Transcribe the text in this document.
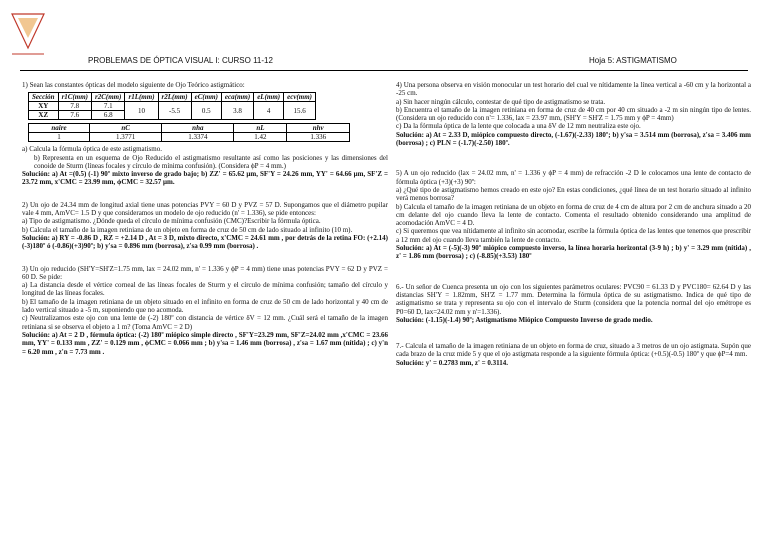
PROBLEMAS DE ÓPTICA VISUAL I: CURSO 11-12	Hoja 5: ASTIGMATISMO

1) Sean las constantes ópticas del modelo siguiente de Ojo Teórico astigmático:

Sección	r1C(mm)	r2C(mm)	r1L(mm)	r2L(mm)	eC(mm)	eca(mm)	eL(mm)	ecv(mm)
XY	7.8	7.1	10	-5.5	0.5	3.8	4	15.6
XZ	7.6	6.8						
naire	nC	nha	nL	nhv
1	1.3771	1.3374	1.42	1.336

a) Calcula la fórmula óptica de este astigmatismo.

b) Representa en un esquema de Ojo Reducido el astigmatismo resultante así como las posiciones y las dimensiones del conoide de Sturm (líneas focales y círculo de mínima confusión). (Considera ϕP = 4 mm.)

Solución: a) At =(0.5) (-1) 90º mixto inverso de grado bajo; b) ZZ' = 65.62 μm, SF'Y = 24.26 mm, YY' = 64.66 μm, SF'Z = 23.72 mm, x'CMC = 23.99 mm, ϕCMC = 32.57 μm.

2) Un ojo de 24.34 mm de longitud axial tiene unas potencias PVY = 60 D y PVZ = 57 D. Supongamos que el diámetro pupilar vale 4 mm, AmVC= 1.5 D y que consideramos un modelo de ojo reducido (n' = 1.336), se pide entonces:

a) Tipo de astigmatismo. ¿Dónde queda el círculo de mínima confusión (CMC)?Escribir la fórmula óptica.

b) Calcula el tamaño de la imagen retiniana de un objeto en forma de cruz de 50 cm de lado situado al infinito (10 m).

Solución: a) RY = -0.86 D , RZ = +2.14 D , At = 3 D, mixto directo, x'CMC = 24.61 mm , por detrás de la retina FO: (+2.14)(-3)180º ó (-0.86)(+3)90º; b) y'sa = 0.896 mm (borrosa), z'sa 0.99 mm (borrosa) .

3) Un ojo reducido (SH'Y=SH'Z=1.75 mm, lax = 24.02 mm, n' = 1.336 y ϕP = 4 mm) tiene unas potencias PVY = 62 D y PVZ = 60 D. Se pide:

a) La distancia desde el vértice corneal de las líneas focales de Sturm y el círculo de mínima confusión; tamaño del círculo y longitud de las líneas focales.

b) El tamaño de la imagen retiniana de un objeto situado en el infinito en forma de cruz de 50 cm de lado horizontal y 40 cm de lado vertical situado a -5 m, suponiendo que no acomoda.

c) Neutralizamos este ojo con una lente de (-2) 180º con distancia de vértice δV = 12 mm. ¿Cuál será el tamaño de la imagen retiniana si se observa el objeto a 1 m? (Toma AmVC = 2 D)

Solución: a) At = 2 D , fórmula óptica: (-2) 180º miópico simple directo , SF'Y=23.29 mm, SF'Z=24.02 mm ,x'CMC = 23.66 mm, YY' = 0.133 mm , ZZ' = 0.129 mm , ϕCMC = 0.066 mm ; b) y'sa = 1.46 mm (borrosa) , z'sa = 1.67 mm (nítida) ; c) y'n = 6.20 mm , z'n = 7.73 mm .

4) Una persona observa en visión monocular un test horario del cual ve nítidamente la línea vertical a -60 cm y la horizontal a -25 cm.

a) Sin hacer ningún cálculo, contestar de qué tipo de astigmatismo se trata.

b) Encuentra el tamaño de la imagen retiniana en forma de cruz de 40 cm por 40 cm situado a -2 m sin ningún tipo de lentes. (Considera un ojo reducido con n'= 1.336, lax = 23.97 mm, (SH'Y = SH'Z = 1.75 mm y ϕP = 4mm)

c) Da la fórmula óptica de la lente que colocada a una δV de 12 mm neutraliza este ojo.

Solución: a) At = 2.33 D, miópico compuesto directo, (-1.67)(-2.33) 180º; b) y'sa = 3.514 mm (borrosa), z'sa = 3.406 mm (borrosa) ; c) PLN = (-1.7)(-2.50) 180º.

5) A un ojo reducido (lax = 24.02 mm, n' = 1.336 y ϕP = 4 mm) de refracción -2 D le colocamos una lente de contacto de fórmula óptica (+3)(+3) 90º:

a) ¿Qué tipo de astigmatismo hemos creado en este ojo? En estas condiciones, ¿qué línea de un test horario situado al infinito verá menos borrosa?

b) Calcula el tamaño de la imagen retiniana de un objeto en forma de cruz de 4 cm de altura por 2 cm de anchura situado a 20 cm delante del ojo cuando lleva la lente de contacto. Comenta el resultado obtenido considerando una amplitud de acomodación AmVC = 4 D.

c) Si queremos que vea nítidamente al infinito sin acomodar, escribe la fórmula óptica de las lentes que tenemos que prescribir a 12 mm del ojo cuando lleva también la lente de contacto.

Solución: a) At = (-5)(-3) 90º miópico compuesto inverso, la línea horaria horizontal (3-9 h) ; b) y' = 3.29 mm (nítida) , z' = 1.86 mm (borrosa) ; c) (-8.85)(+3.53) 180º

6.- Un señor de Cuenca presenta un ojo con los siguientes parámetros oculares: PVC90 = 61.33 D y PVC180= 62.64 D y las distancias SH'Y = 1.82mm, SH'Z = 1.77 mm. Determina la fórmula óptica de su astigmatismo. Indica de qué tipo de astigmatismo se trata y representa su ojo con el intervalo de Sturm (considera que la potencia normal del ojo emétrope es P0=60 D, lax=24.02 mm y n'=1.336).

Solución: (-1.15)(-1.4) 90º; Astigmatismo Miópico Compuesto Inverso de grado medio.

7.- Calcula el tamaño de la imagen retiniana de un objeto en forma de cruz, situado a 3 metros de un ojo astigmata. Supón que cada brazo de la cruz mide 5 y que el ojo astigmata responde a la siguiente fórmula óptica: (+0.5)(-0.5) 180º y que ϕP=4 mm.

Solución: y' = 0.2783 mm, z' = 0.3114.
